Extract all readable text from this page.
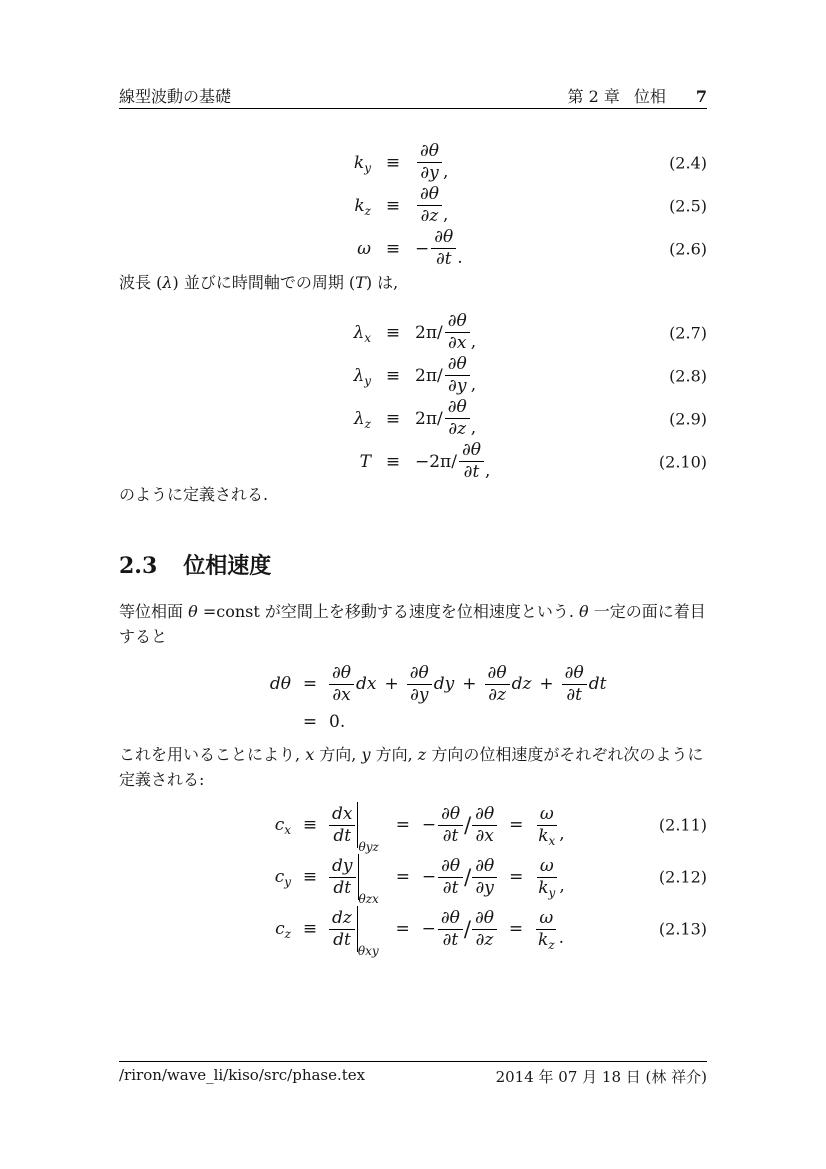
線型波動の基礎	第 2 章 位相 7
$k_y \equiv \frac{\partial\theta}{\partial y}$ ,	(2.4)
$k_z \equiv \frac{\partial\theta}{\partial z}$ ,	(2.5)
ω ≡ − $\frac{\partial\theta}{\partial t}$ .	(2.6)
波長 (λ) 並びに時間軸での周期 (T) は,
$\lambda_x \equiv 2\pi/ \frac{\partial\theta}{\partial x}$ ,	(2.7)
$\lambda_y \equiv 2\pi/ \frac{\partial\theta}{\partial y}$ ,	(2.8)
$\lambda_z \equiv 2\pi/ \frac{\partial\theta}{\partial z}$ ,	(2.9)
$T \equiv -2\pi/ \frac{\partial\theta}{\partial t}$ ,	(2.10)
のように定義される.
2.3 位相速度
等位相面 θ =const が空間上を移動する速度を位相速度という. θ 一定の面に着目
すると
$d\theta = \frac{\partial\theta}{\partial x}$ dx + $\frac{\partial\theta}{\partial y}$ dy + $\frac{\partial\theta}{\partial z}$ dz + $\frac{\partial\theta}{\partial t}$ dt
= 0.
これを用いることにより, x 方向, y 方向, z 方向の位相速度がそれぞれ次のように
定義される:
$c_x \equiv \frac{dx}{dt}$
θyz
= − $\frac{\partial\theta}{\partial t} / \frac{\partial\theta}{\partial x} = \frac{\omega}{k_x}$ ,	(2.11)
$c_y \equiv \frac{dy}{dt}$
θzx
= − $\frac{\partial\theta}{\partial t} / \frac{\partial\theta}{\partial y} = \frac{\omega}{k_y}$ ,	(2.12)
$c_z \equiv \frac{dz}{dt}$
θxy
= − $\frac{\partial\theta}{\partial t} / \frac{\partial\theta}{\partial z} = \frac{\omega}{k_z}$ .	(2.13)
/riron/wave_li/kiso/src/phase.tex	2014 年 07 月 18 日 (林 祥介)
